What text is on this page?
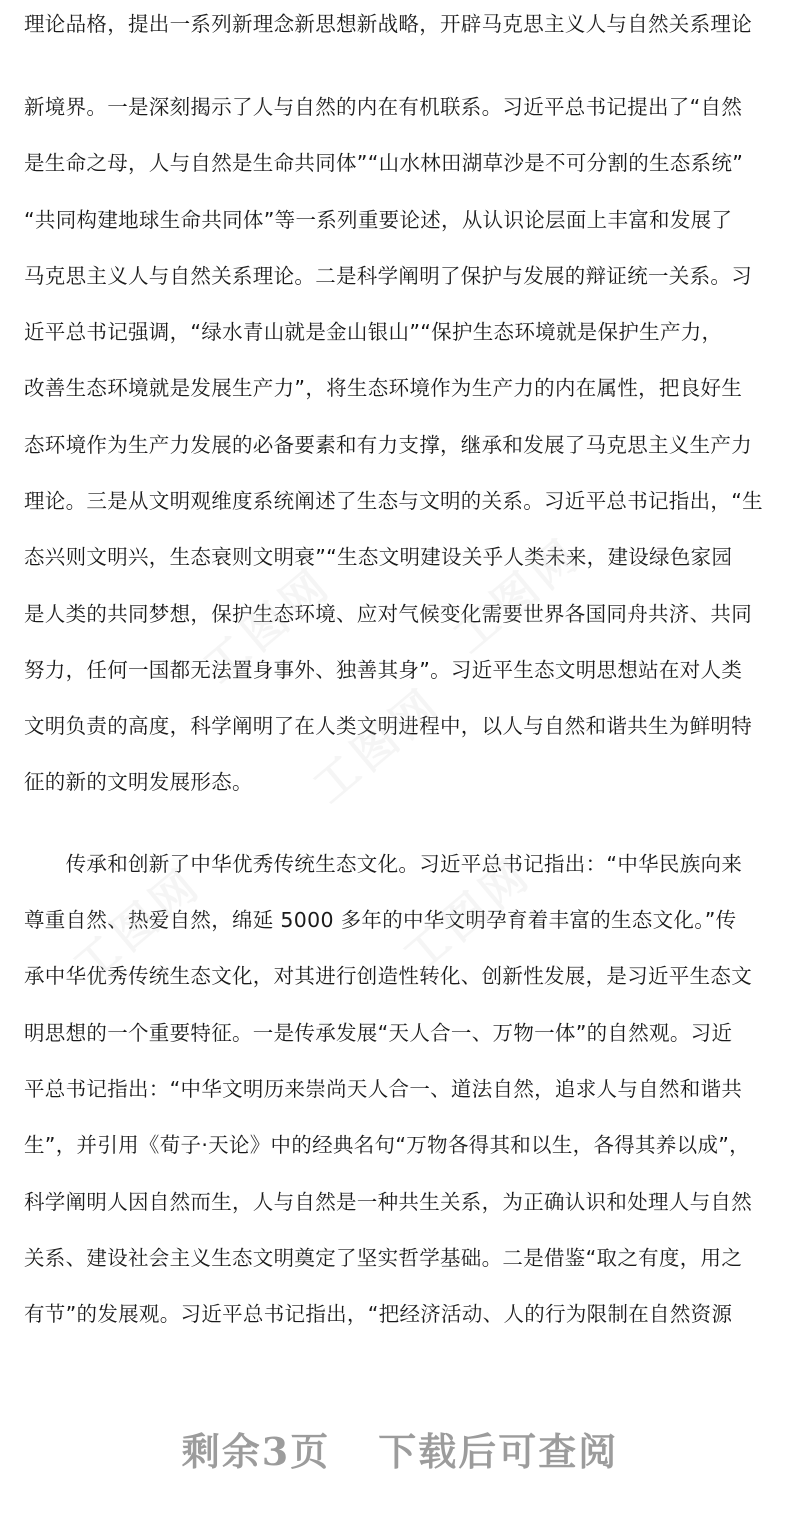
理论品格，提出一系列新理念新思想新战略，开辟马克思主义人与自然关系理论
新境界。一是深刻揭示了人与自然的内在有机联系。习近平总书记提出了“自然
是生命之母，人与自然是生命共同体”“山水林田湖草沙是不可分割的生态系统”
“共同构建地球生命共同体”等一系列重要论述，从认识论层面上丰富和发展了
马克思主义人与自然关系理论。二是科学阐明了保护与发展的辩证统一关系。习
近平总书记强调，“绿水青山就是金山银山”“保护生态环境就是保护生产力，
改善生态环境就是发展生产力”，将生态环境作为生产力的内在属性，把良好生
态环境作为生产力发展的必备要素和有力支撑，继承和发展了马克思主义生产力
理论。三是从文明观维度系统阐述了生态与文明的关系。习近平总书记指出，“生
态兴则文明兴，生态衰则文明衰”“生态文明建设关乎人类未来，建设绿色家园
是人类的共同梦想，保护生态环境、应对气候变化需要世界各国同舟共济、共同
努力，任何一国都无法置身事外、独善其身”。习近平生态文明思想站在对人类
文明负责的高度，科学阐明了在人类文明进程中，以人与自然和谐共生为鲜明特
征的新的文明发展形态。
　　传承和创新了中华优秀传统生态文化。习近平总书记指出：“中华民族向来
尊重自然、热爱自然，绵延 5000 多年的中华文明孕育着丰富的生态文化。”传
承中华优秀传统生态文化，对其进行创造性转化、创新性发展，是习近平生态文
明思想的一个重要特征。一是传承发展“天人合一、万物一体”的自然观。习近
平总书记指出：“中华文明历来崇尚天人合一、道法自然，追求人与自然和谐共
生”，并引用《荀子·天论》中的经典名句“万物各得其和以生，各得其养以成”，
科学阐明人因自然而生，人与自然是一种共生关系，为正确认识和处理人与自然
关系、建设社会主义生态文明奠定了坚实哲学基础。二是借鉴“取之有度，用之
有节”的发展观。习近平总书记指出，“把经济活动、人的行为限制在自然资源
工图网 工图网
工图网
工图网	工图网
剩余3页 下载后可查阅
